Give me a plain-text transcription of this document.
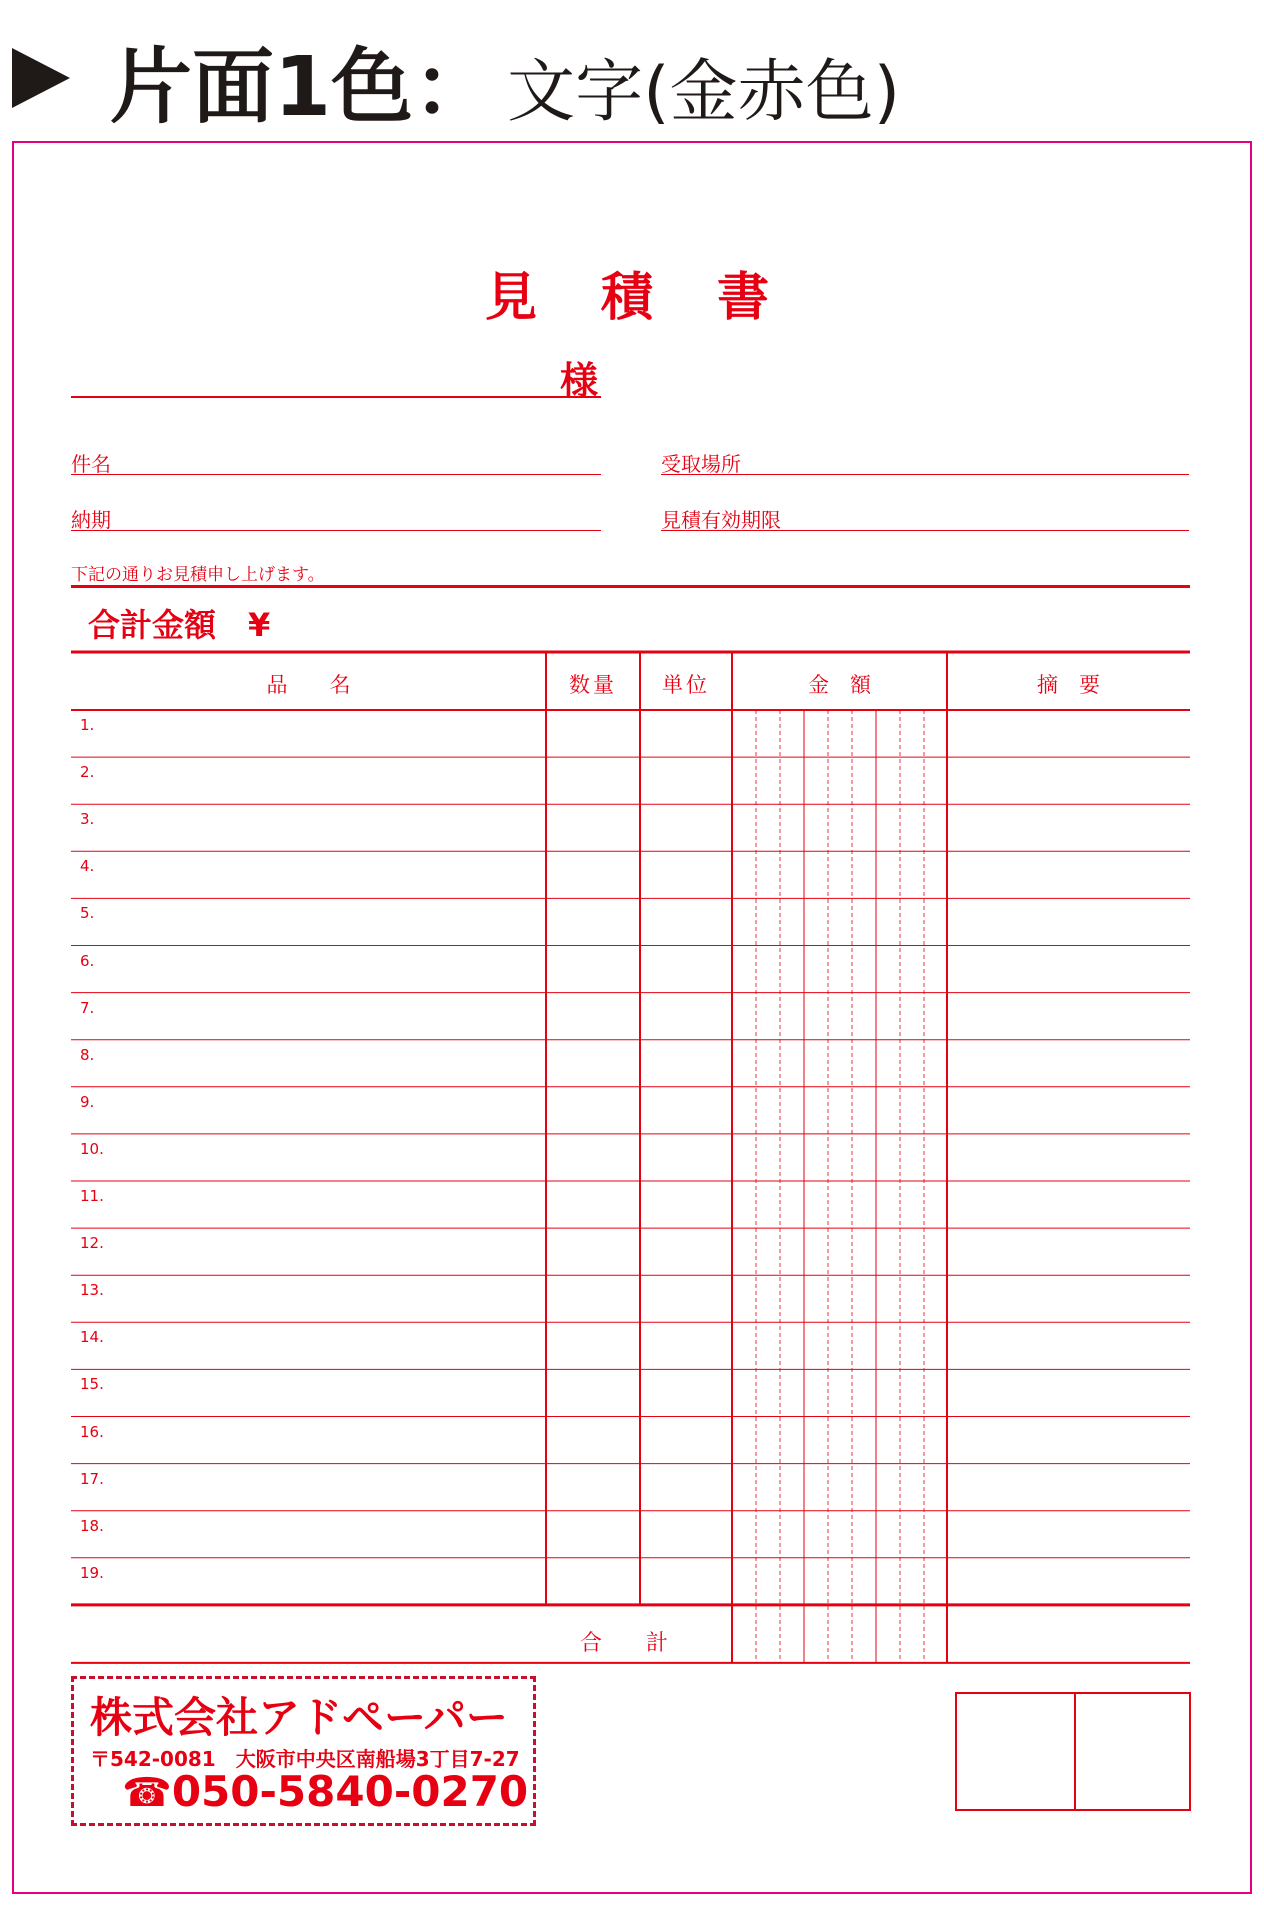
片面1色： 文字(金赤色)
見　積　書
様
件名	受取場所
納期	見積有効期限
下記の通りお見積申し上げます。
合計金額　¥
品　　名	数量	単位	金　額	摘　要
1.
2.
3.
4.
5.
6.
7.
8.
9.
10.
11.
12.
13.
14.
15.
16.
17.
18.
19.
合　　計
株式会社アドペーパー
〒542-0081　大阪市中央区南船場3丁目7-27
☎050-5840-0270
